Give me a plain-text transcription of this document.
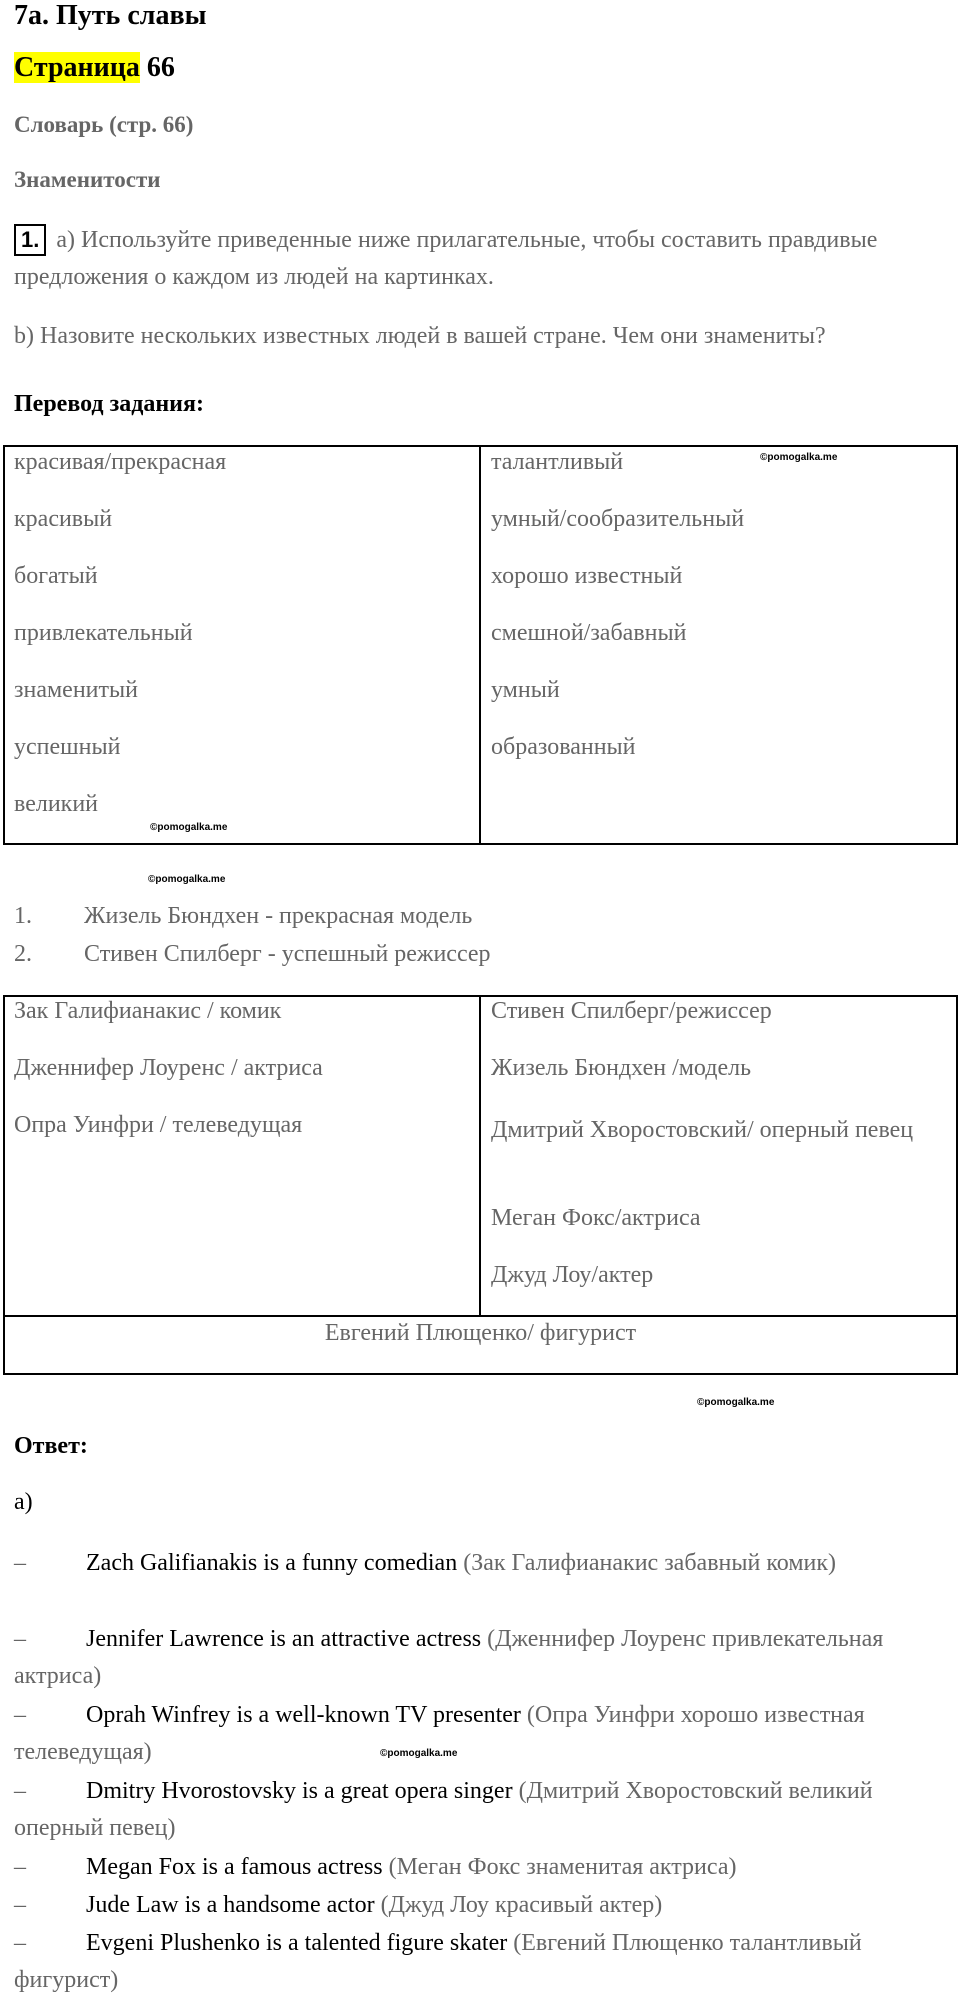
7a. Путь славы
Страница 66
Словарь (стр. 66)
Знаменитости
1. a) Используйте приведенные ниже прилагательные, чтобы составить правдивые предложения о каждом из людей на картинках.
b) Назовите нескольких известных людей в вашей стране. Чем они знамениты?
Перевод задания:
красивая/прекрасная
красивый
богатый
привлекательный
знаменитый
успешный
великий
талантливый
умный/сообразительный
хорошо известный
смешной/забавный
умный
образованный
©pomogalka.me
©pomogalka.me
©pomogalka.me
1. Жизель Бюндхен - прекрасная модель
2. Стивен Спилберг - успешный режиссер
Зак Галифианакис / комик
Дженнифер Лоуренс / актриса
Опра Уинфри / телеведущая
Стивен Спилберг/режиссер
Жизель Бюндхен /модель
Дмитрий Хворостовский/ оперный певец
Меган Фокс/актриса
Джуд Лоу/актер
Евгений Плющенко/ фигурист
©pomogalka.me
Ответ:
а)
–	Zach Galifianakis is a funny comedian (Зак Галифианакис забавный комик)
–	Jennifer Lawrence is an attractive actress (Дженнифер Лоуренс привлекательная актриса)
–	Oprah Winfrey is a well-known TV presenter (Опра Уинфри хорошо известная телеведущая)	©pomogalka.me
–	Dmitry Hvorostovsky is a great opera singer (Дмитрий Хворостовский великий оперный певец)
–	Megan Fox is a famous actress (Меган Фокс знаменитая актриса)
–	Jude Law is a handsome actor (Джуд Лоу красивый актер)
–	Evgeni Plushenko is a talented figure skater (Евгений Плющенко талантливый фигурист)
